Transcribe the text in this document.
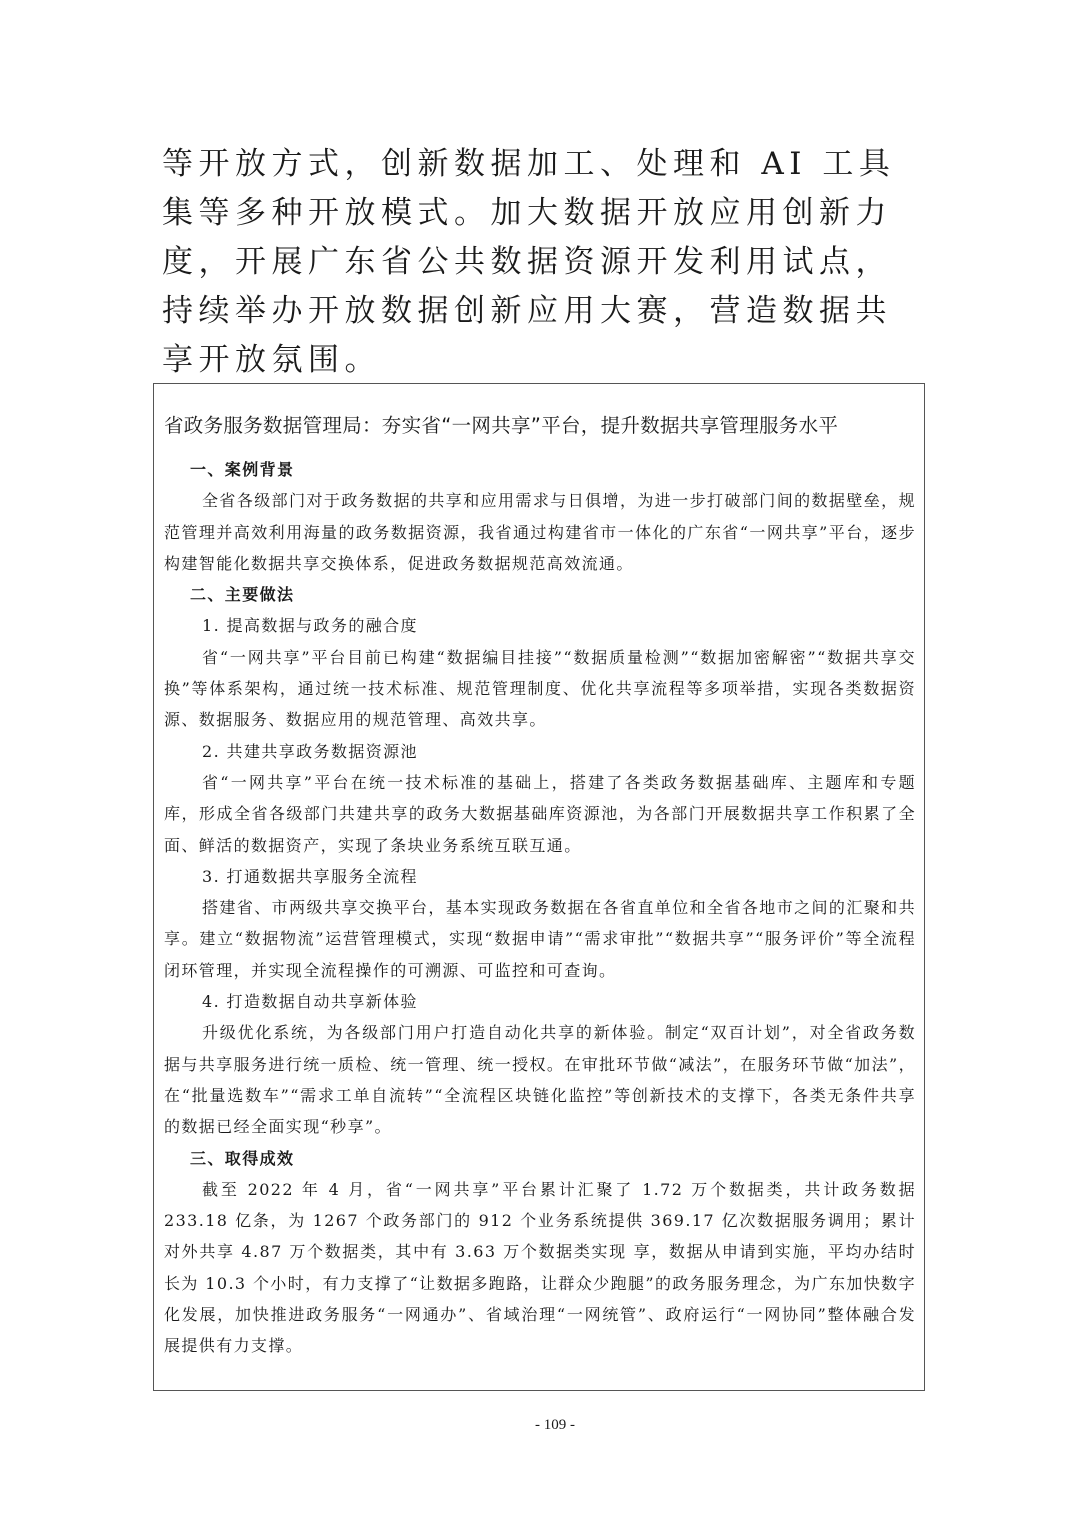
等开放方式，创新数据加工、处理和 AI 工具集等多种开放模式。加大数据开放应用创新力度，开展广东省公共数据资源开发利用试点，持续举办开放数据创新应用大赛，营造数据共享开放氛围。

省政务服务数据管理局：夯实省“一网共享”平台，提升数据共享管理服务水平

一、案例背景

全省各级部门对于政务数据的共享和应用需求与日俱增，为进一步打破部门间的数据壁垒，规范管理并高效利用海量的政务数据资源，我省通过构建省市一体化的广东省“一网共享”平台，逐步构建智能化数据共享交换体系，促进政务数据规范高效流通。

二、主要做法

1. 提高数据与政务的融合度

省“一网共享”平台目前已构建“数据编目挂接”“数据质量检测”“数据加密解密”“数据共享交换”等体系架构，通过统一技术标准、规范管理制度、优化共享流程等多项举措，实现各类数据资源、数据服务、数据应用的规范管理、高效共享。

2. 共建共享政务数据资源池

省“一网共享”平台在统一技术标准的基础上，搭建了各类政务数据基础库、主题库和专题库，形成全省各级部门共建共享的政务大数据基础库资源池，为各部门开展数据共享工作积累了全面、鲜活的数据资产，实现了条块业务系统互联互通。

3. 打通数据共享服务全流程

搭建省、市两级共享交换平台，基本实现政务数据在各省直单位和全省各地市之间的汇聚和共享。建立“数据物流”运营管理模式，实现“数据申请”“需求审批”“数据共享”“服务评价”等全流程闭环管理，并实现全流程操作的可溯源、可监控和可查询。

4. 打造数据自动共享新体验

升级优化系统，为各级部门用户打造自动化共享的新体验。制定“双百计划”，对全省政务数据与共享服务进行统一质检、统一管理、统一授权。在审批环节做“减法”，在服务环节做“加法”，在“批量选数车”“需求工单自流转”“全流程区块链化监控”等创新技术的支撑下，各类无条件共享的数据已经全面实现“秒享”。

三、取得成效

截至 2022 年 4 月，省“一网共享”平台累计汇聚了 1.72 万个数据类，共计政务数据 233.18 亿条，为 1267 个政务部门的 912 个业务系统提供 369.17 亿次数据服务调用；累计对外共享 4.87 万个数据类，其中有 3.63 万个数据类实现 享，数据从申请到实施，平均办结时长为 10.3 个小时，有力支撑了“让数据多跑路，让群众少跑腿”的政务服务理念，为广东加快数字化发展，加快推进政务服务“一网通办”、省域治理“一网统管”、政府运行“一网协同”整体融合发展提供有力支撑。

- 109 -
